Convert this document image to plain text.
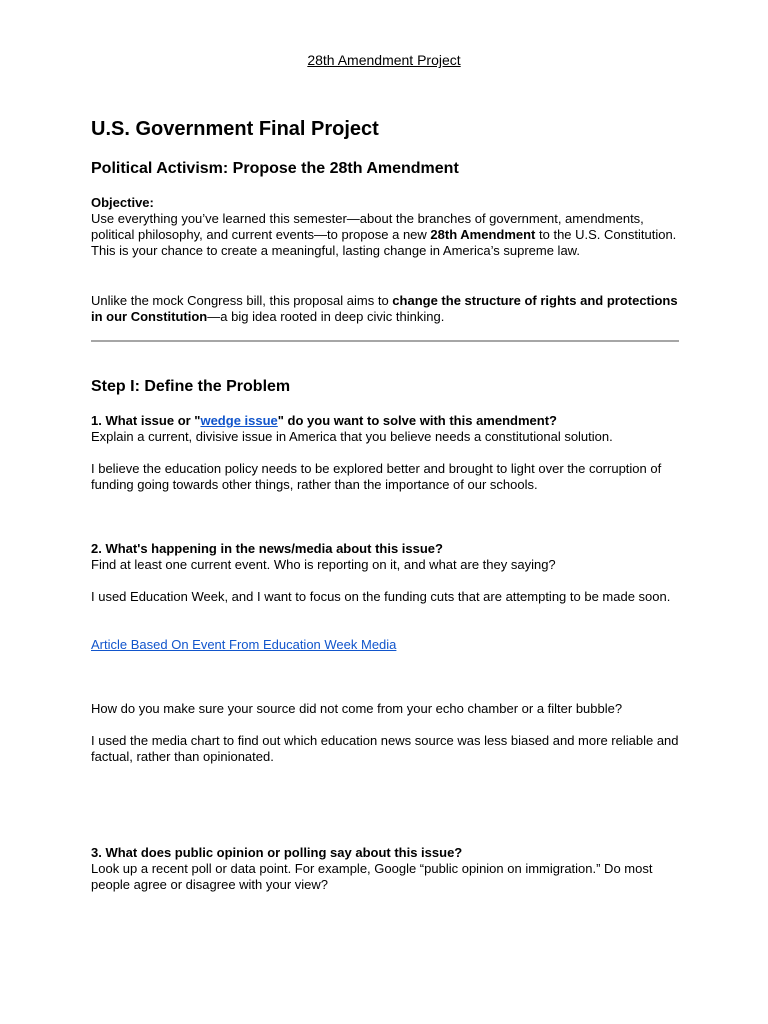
28th Amendment Project
U.S. Government Final Project
Political Activism: Propose the 28th Amendment

Objective:

Use everything you’ve learned this semester—about the branches of government, amendments, political philosophy, and current events—to propose a new 28th Amendment to the U.S. Constitution. This is your chance to create a meaningful, lasting change in America’s supreme law.

Unlike the mock Congress bill, this proposal aims to change the structure of rights and protections in our Constitution—a big idea rooted in deep civic thinking.

Step I: Define the Problem

1. What issue or "wedge issue" do you want to solve with this amendment?

Explain a current, divisive issue in America that you believe needs a constitutional solution.

I believe the education policy needs to be explored better and brought to light over the corruption of funding going towards other things, rather than the importance of our schools.

2. What's happening in the news/media about this issue?

Find at least one current event. Who is reporting on it, and what are they saying?

I used Education Week, and I want to focus on the funding cuts that are attempting to be made soon.

Article Based On Event From Education Week Media

How do you make sure your source did not come from your echo chamber or a filter bubble?

I used the media chart to find out which education news source was less biased and more reliable and factual, rather than opinionated.

3. What does public opinion or polling say about this issue?

Look up a recent poll or data point. For example, Google “public opinion on immigration.” Do most people agree or disagree with your view?
